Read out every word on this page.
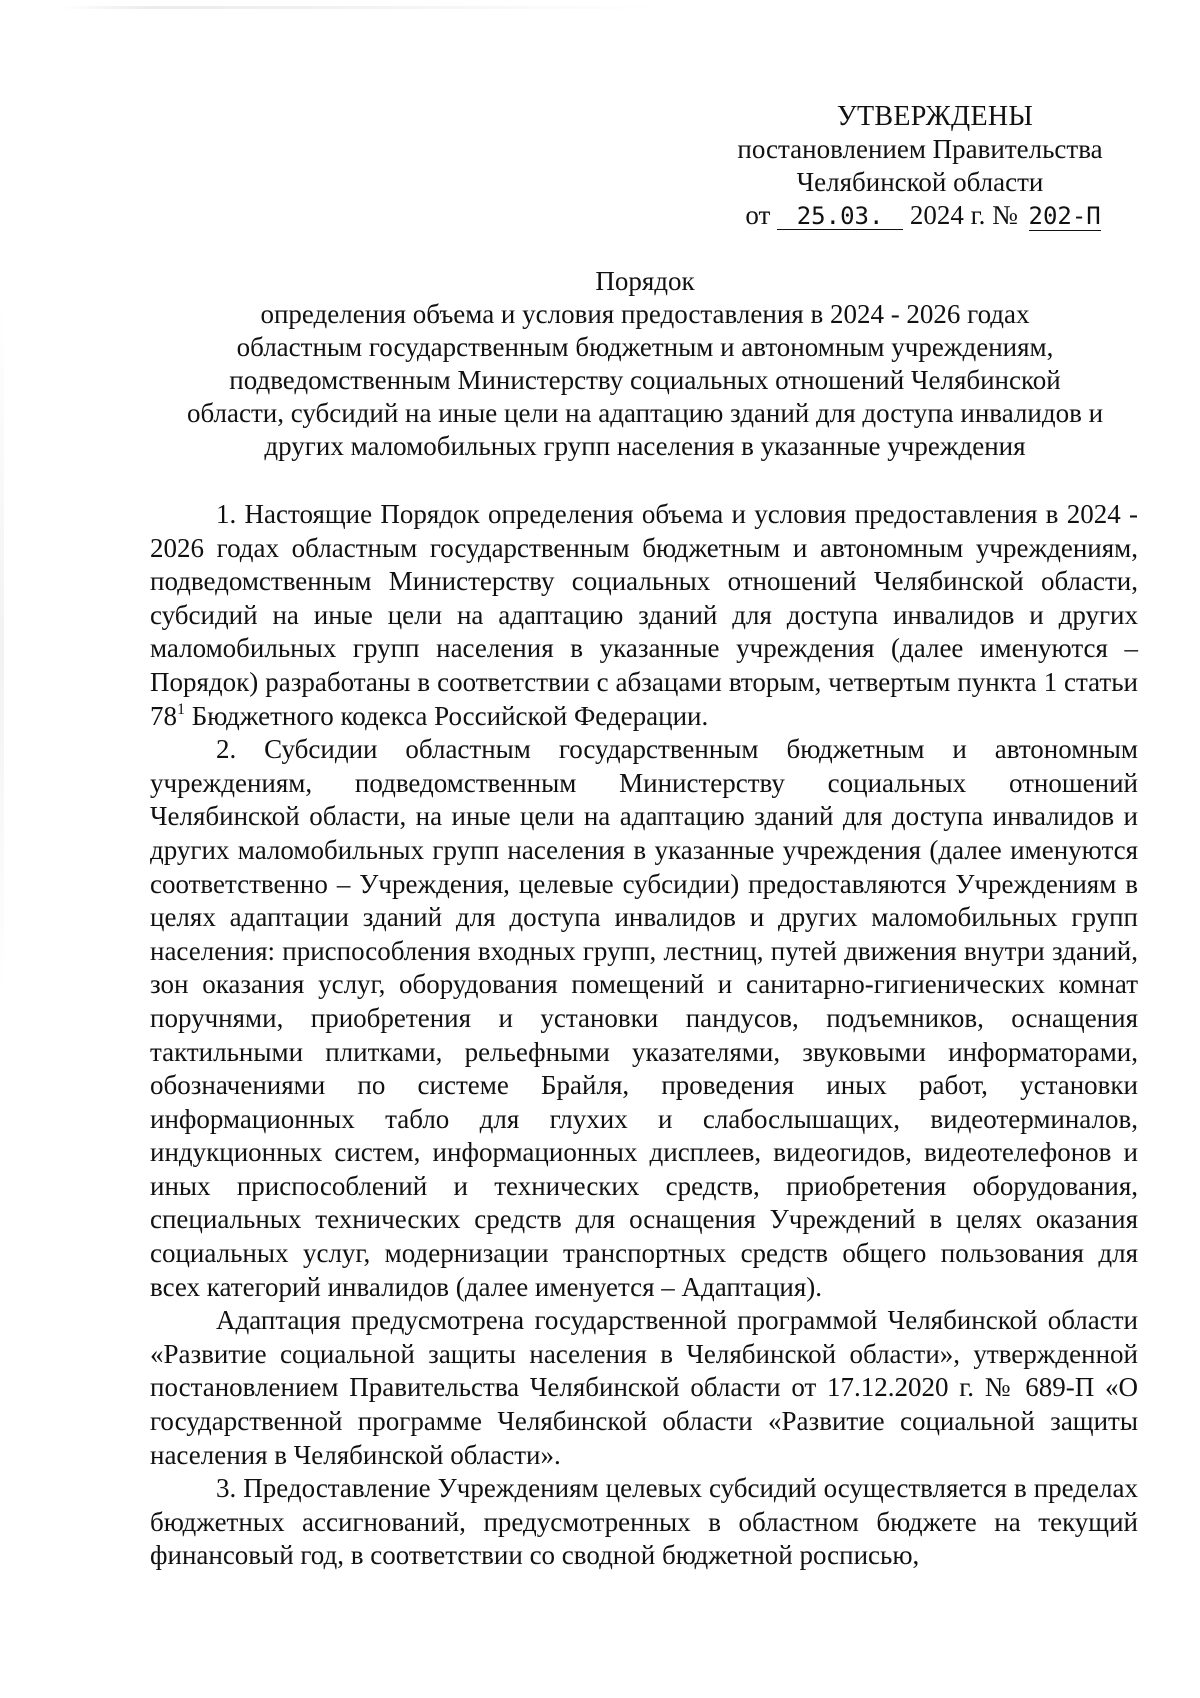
УТВЕРЖДЕНЫ
постановлением Правительства
Челябинской области
от 25.03. 2024 г. № 202-П
Порядок
определения объема и условия предоставления в 2024 - 2026 годах
областным государственным бюджетным и автономным учреждениям,
подведомственным Министерству социальных отношений Челябинской
области, субсидий на иные цели на адаптацию зданий для доступа инвалидов и
других маломобильных групп населения в указанные учреждения

1. Настоящие Порядок определения объема и условия предоставления в 2024 - 2026 годах областным государственным бюджетным и автономным учреждениям, подведомственным Министерству социальных отношений Челябинской области, субсидий на иные цели на адаптацию зданий для доступа инвалидов и других маломобильных групп населения в указанные учреждения (далее именуются – Порядок) разработаны в соответствии с абзацами вторым, четвертым пункта 1 статьи $78^1$ Бюджетного кодекса Российской Федерации.

2. Субсидии областным государственным бюджетным и автономным учреждениям, подведомственным Министерству социальных отношений Челябинской области, на иные цели на адаптацию зданий для доступа инвалидов и других маломобильных групп населения в указанные учреждения (далее именуются соответственно – Учреждения, целевые субсидии) предоставляются Учреждениям в целях адаптации зданий для доступа инвалидов и других маломобильных групп населения: приспособления входных групп, лестниц, путей движения внутри зданий, зон оказания услуг, оборудования помещений и санитарно-гигиенических комнат поручнями, приобретения и установки пандусов, подъемников, оснащения тактильными плитками, рельефными указателями, звуковыми информаторами, обозначениями по системе Брайля, проведения иных работ, установки информационных табло для глухих и слабослышащих, видеотерминалов, индукционных систем, информационных дисплеев, видеогидов, видеотелефонов и иных приспособлений и технических средств, приобретения оборудования, специальных технических средств для оснащения Учреждений в целях оказания социальных услуг, модернизации транспортных средств общего пользования для всех категорий инвалидов (далее именуется – Адаптация).

Адаптация предусмотрена государственной программой Челябинской области «Развитие социальной защиты населения в Челябинской области», утвержденной постановлением Правительства Челябинской области от 17.12.2020 г. № 689-П «О государственной программе Челябинской области «Развитие социальной защиты населения в Челябинской области».

3. Предоставление Учреждениям целевых субсидий осуществляется в пределах бюджетных ассигнований, предусмотренных в областном бюджете на текущий финансовый год, в соответствии со сводной бюджетной росписью,
